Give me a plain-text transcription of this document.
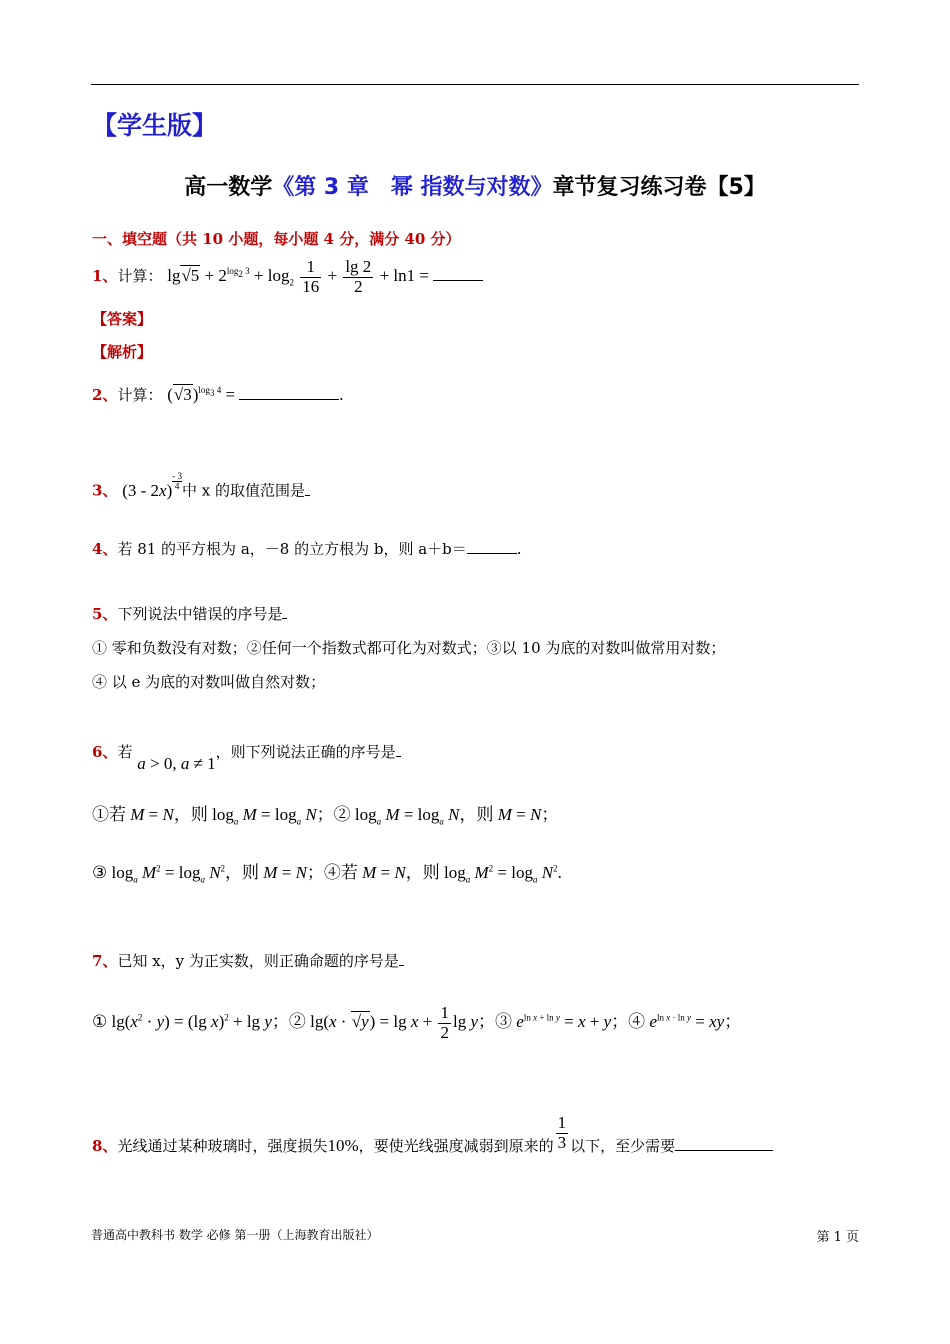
【学生版】
高一数学《第 3 章　幂 指数与对数》章节复习练习卷【5】
一、填空题（共 10 小题，每小题 4 分，满分 40 分）
1、计算： $\lg√5 + 2^{log_2 3} + \log_2 \frac{1}{16} + \frac{\lg 2}{2} + \ln 1$ =
【答案】
【解析】
2、计算： $(√3)^{log_3 4}$ =	.
3、 $(3 - 2x) \frac{- 3}{4}$中 x 的取值范围是
4、若 81 的平方根为 a，－8 的立方根为 b，则 a＋b＝	.
5、下列说法中错误的序号是
① 零和负数没有对数；②任何一个指数式都可化为对数式；③以 10 为底的对数叫做常用对数；
④ 以 e 为底的对数叫做自然对数；
6、若 a > 0, a ≠ 1，则下列说法正确的序号是
①若 M = N，则 $\log_a M = \log_a N$；② $\log_a M = \log_a N$，则 M = N；
③ $\log_a M^2 = \log_a N^2$，则 M = N；④若 M = N，则 $\log_a M^2 = \log_a N^2$.
7、已知 x，y 为正实数，则正确命题的序号是
① $\lg(x^2 \cdot y) = (\lg$ x)$^2$ + lg y；② $\lg(x \cdot √y) = \lg x + \frac{1}{2}$ lg y；③ $e^{ln x + ln y} = x + y$；④ $e^{ln x \cdot ln y}$ = xy；
8、光线通过某种玻璃时，强度损失10%，要使光线强度减弱到原来的 $\frac{1}{3}$ 以下，至少需要
普通高中教科书 数学 必修 第一册（上海教育出版社）	第 1 页
